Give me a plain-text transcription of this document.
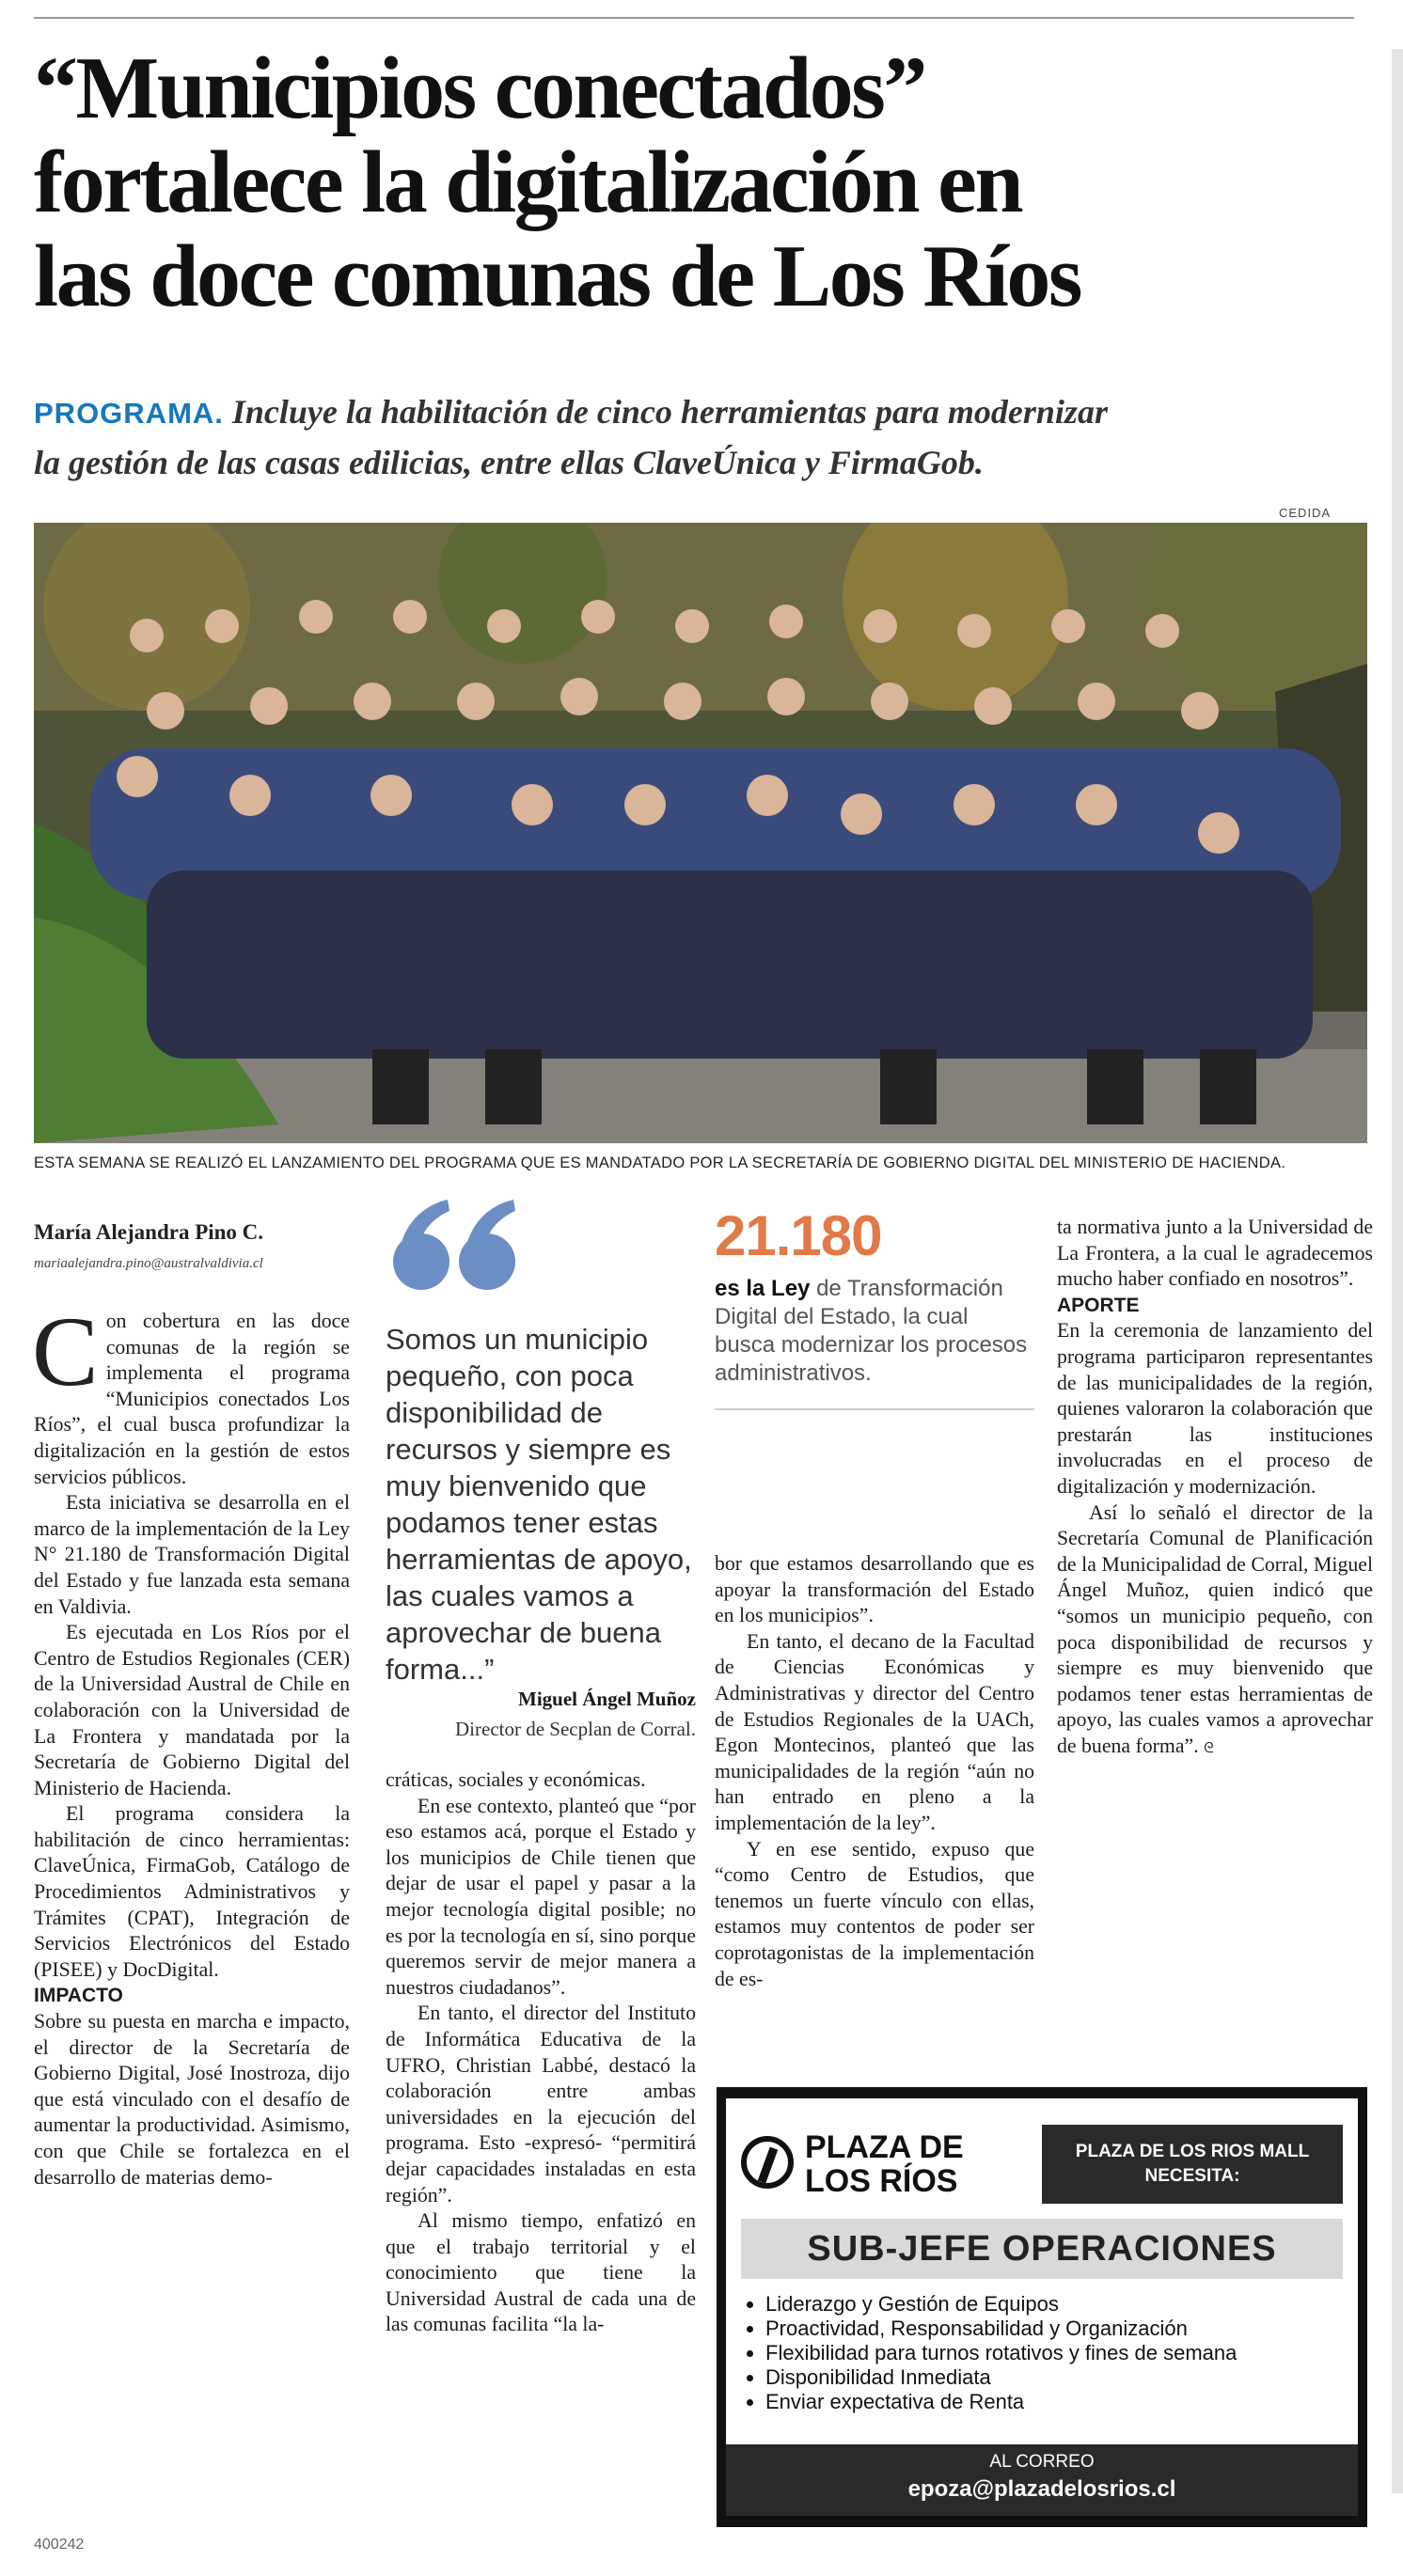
“Municipios conectados”
fortalece la digitalización en
las doce comunas de Los Ríos
PROGRAMA. Incluye la habilitación de cinco herramientas para modernizar
la gestión de las casas edilicias, entre ellas ClaveÚnica y FirmaGob.
CEDIDA
ESTA SEMANA SE REALIZÓ EL LANZAMIENTO DEL PROGRAMA QUE ES MANDATADO POR LA SECRETARÍA DE GOBIERNO DIGITAL DEL MINISTERIO DE HACIENDA.
María Alejandra Pino C.
mariaalejandra.pino@australvaldivia.cl
C on cobertura en las doce comunas de la región se implementa el programa “Municipios conectados Los Ríos”, el cual busca profundizar la digitalización en la gestión de estos servicios públicos.

Esta iniciativa se desarrolla en el marco de la implementación de la Ley N° 21.180 de Transformación Digital del Estado y fue lanzada esta semana en Valdivia.

Es ejecutada en Los Ríos por el Centro de Estudios Regionales (CER) de la Universidad Austral de Chile en colaboración con la Universidad de La Frontera y mandatada por la Secretaría de Gobierno Digital del Ministerio de Hacienda.

El programa considera la habilitación de cinco herramientas: ClaveÚnica, FirmaGob, Catálogo de Procedimientos Administrativos y Trámites (CPAT), Integración de Servicios Electrónicos del Estado (PISEE) y DocDigital.

IMPACTO

Sobre su puesta en marcha e impacto, el director de la Secretaría de Gobierno Digital, José Inostroza, dijo que está vinculado con el desafío de aumentar la productividad. Asimismo, con que Chile se fortalezca en el desarrollo de materias demo-

Somos un municipio pequeño, con poca disponibilidad de recursos y siempre es muy bienvenido que podamos tener estas herramientas de apoyo, las cuales vamos a aprovechar de buena forma...”
Miguel Ángel Muñoz
Director de Secplan de Corral.

cráticas, sociales y económicas.

En ese contexto, planteó que “por eso estamos acá, porque el Estado y los municipios de Chile tienen que dejar de usar el papel y pasar a la mejor tecnología digital posible; no es por la tecnología en sí, sino porque queremos servir de mejor manera a nuestros ciudadanos”.

En tanto, el director del Instituto de Informática Educativa de la UFRO, Christian Labbé, destacó la colaboración entre ambas universidades en la ejecución del programa. Esto -expresó- “permitirá dejar capacidades instaladas en esta región”.

Al mismo tiempo, enfatizó en que el trabajo territorial y el conocimiento que tiene la Universidad Austral de cada una de las comunas facilita “la la-

21.180
es la Ley de Transformación Digital del Estado, la cual busca modernizar los procesos administrativos.

bor que estamos desarrollando que es apoyar la transformación del Estado en los municipios”.

En tanto, el decano de la Facultad de Ciencias Económicas y Administrativas y director del Centro de Estudios Regionales de la UACh, Egon Montecinos, planteó que las municipalidades de la región “aún no han entrado en pleno a la implementación de la ley”.

Y en ese sentido, expuso que “como Centro de Estudios, que tenemos un fuerte vínculo con ellas, estamos muy contentos de poder ser coprotagonistas de la implementación de es-

ta normativa junto a la Universidad de La Frontera, a la cual le agradecemos mucho haber confiado en nosotros”.

APORTE

En la ceremonia de lanzamiento del programa participaron representantes de las municipalidades de la región, quienes valoraron la colaboración que prestarán las instituciones involucradas en el proceso de digitalización y modernización.

Así lo señaló el director de la Secretaría Comunal de Planificación de la Municipalidad de Corral, Miguel Ángel Muñoz, quien indicó que “somos un municipio pequeño, con poca disponibilidad de recursos y siempre es muy bienvenido que podamos tener estas herramientas de apoyo, las cuales vamos a aprovechar de buena forma”. ᘓ

PLAZA DE
LOS RÍOS
PLAZA DE LOS RIOS MALL
NECESITA:
SUB-JEFE OPERACIONES
• Liderazgo y Gestión de Equipos
• Proactividad, Responsabilidad y Organización
• Flexibilidad para turnos rotativos y fines de semana
• Disponibilidad Inmediata
• Enviar expectativa de Renta
AL CORREO
epoza@plazadelosrios.cl
400242
